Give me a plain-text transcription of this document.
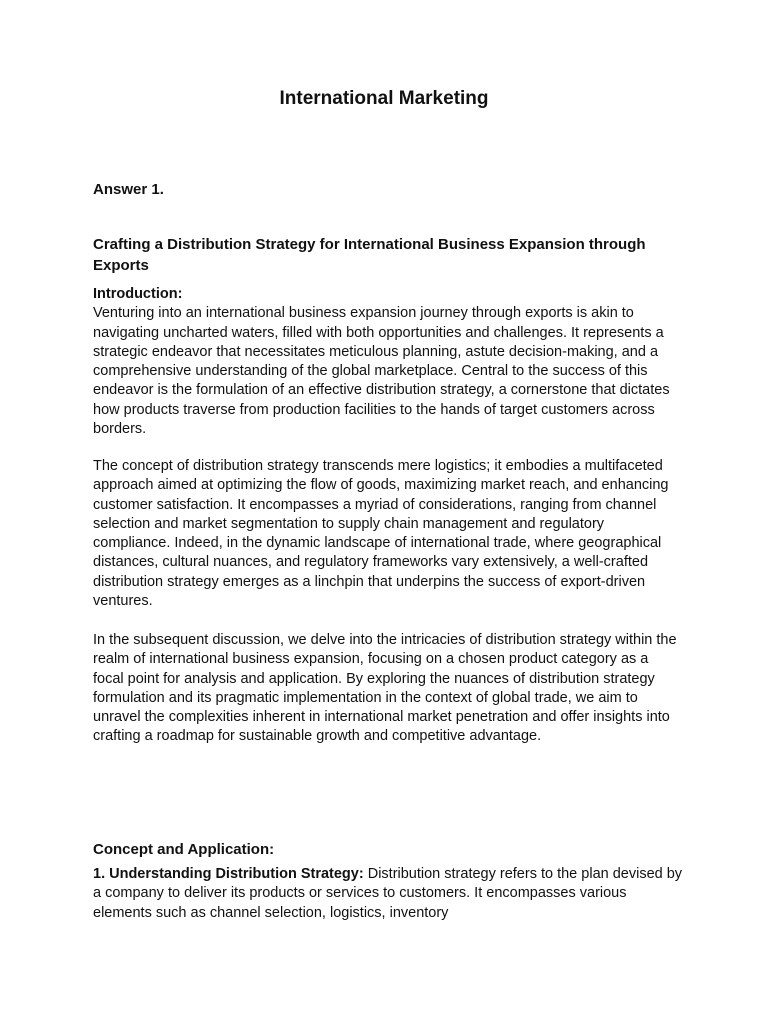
International Marketing
Answer 1.
Crafting a Distribution Strategy for International Business Expansion through Exports
Introduction:

Venturing into an international business expansion journey through exports is akin to navigating uncharted waters, filled with both opportunities and challenges. It represents a strategic endeavor that necessitates meticulous planning, astute decision-making, and a comprehensive understanding of the global marketplace. Central to the success of this endeavor is the formulation of an effective distribution strategy, a cornerstone that dictates how products traverse from production facilities to the hands of target customers across borders.

The concept of distribution strategy transcends mere logistics; it embodies a multifaceted approach aimed at optimizing the flow of goods, maximizing market reach, and enhancing customer satisfaction. It encompasses a myriad of considerations, ranging from channel selection and market segmentation to supply chain management and regulatory compliance. Indeed, in the dynamic landscape of international trade, where geographical distances, cultural nuances, and regulatory frameworks vary extensively, a well-crafted distribution strategy emerges as a linchpin that underpins the success of export-driven ventures.

In the subsequent discussion, we delve into the intricacies of distribution strategy within the realm of international business expansion, focusing on a chosen product category as a focal point for analysis and application. By exploring the nuances of distribution strategy formulation and its pragmatic implementation in the context of global trade, we aim to unravel the complexities inherent in international market penetration and offer insights into crafting a roadmap for sustainable growth and competitive advantage.

Concept and Application:

1. Understanding Distribution Strategy: Distribution strategy refers to the plan devised by a company to deliver its products or services to customers. It encompasses various elements such as channel selection, logistics, inventory
